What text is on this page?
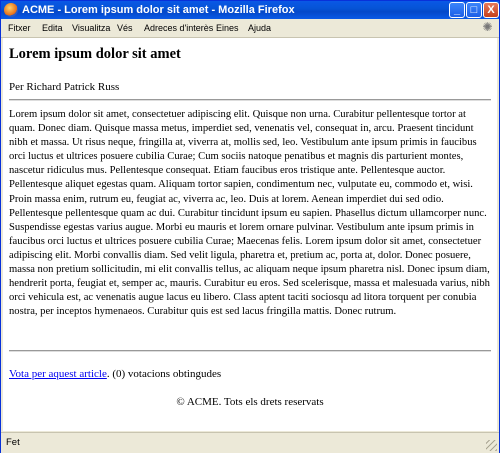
ACME - Lorem ipsum dolor sit amet - Mozilla Firefox	_ □ X
Fitxer Edita Visualitza Vés Adreces d'interès Eines Ajuda	✺
Lorem ipsum dolor sit amet
Per Richard Patrick Russ

Lorem ipsum dolor sit amet, consectetuer adipiscing elit. Quisque non urna. Curabitur pellentesque tortor at quam. Donec diam. Quisque massa metus, imperdiet sed, venenatis vel, consequat in, arcu. Praesent tincidunt nibh et massa. Ut risus neque, fringilla at, viverra at, mollis sed, leo. Vestibulum ante ipsum primis in faucibus orci luctus et ultrices posuere cubilia Curae; Cum sociis natoque penatibus et magnis dis parturient montes, nascetur ridiculus mus. Pellentesque consequat. Etiam faucibus eros tristique ante. Pellentesque auctor. Pellentesque aliquet egestas quam. Aliquam tortor sapien, condimentum nec, vulputate eu, commodo et, wisi. Proin massa enim, rutrum eu, feugiat ac, viverra ac, leo. Duis at lorem. Aenean imperdiet dui sed odio. Pellentesque pellentesque quam ac dui. Curabitur tincidunt ipsum eu sapien. Phasellus dictum ullamcorper nunc. Suspendisse egestas varius augue. Morbi eu mauris et lorem ornare pulvinar. Vestibulum ante ipsum primis in faucibus orci luctus et ultrices posuere cubilia Curae; Maecenas felis. Lorem ipsum dolor sit amet, consectetuer adipiscing elit. Morbi convallis diam. Sed velit ligula, pharetra et, pretium ac, porta at, dolor. Donec posuere, massa non pretium sollicitudin, mi elit convallis tellus, ac aliquam neque ipsum pharetra nisl. Donec ipsum diam, hendrerit porta, feugiat et, semper ac, mauris. Curabitur eu eros. Sed scelerisque, massa et malesuada varius, nibh orci vehicula est, ac venenatis augue lacus eu libero. Class aptent taciti sociosqu ad litora torquent per conubia nostra, per inceptos hymenaeos. Curabitur quis est sed lacus fringilla mattis. Donec rutrum.

Vota per aquest article. (0) votacions obtingudes
© ACME. Tots els drets reservats
Fet
